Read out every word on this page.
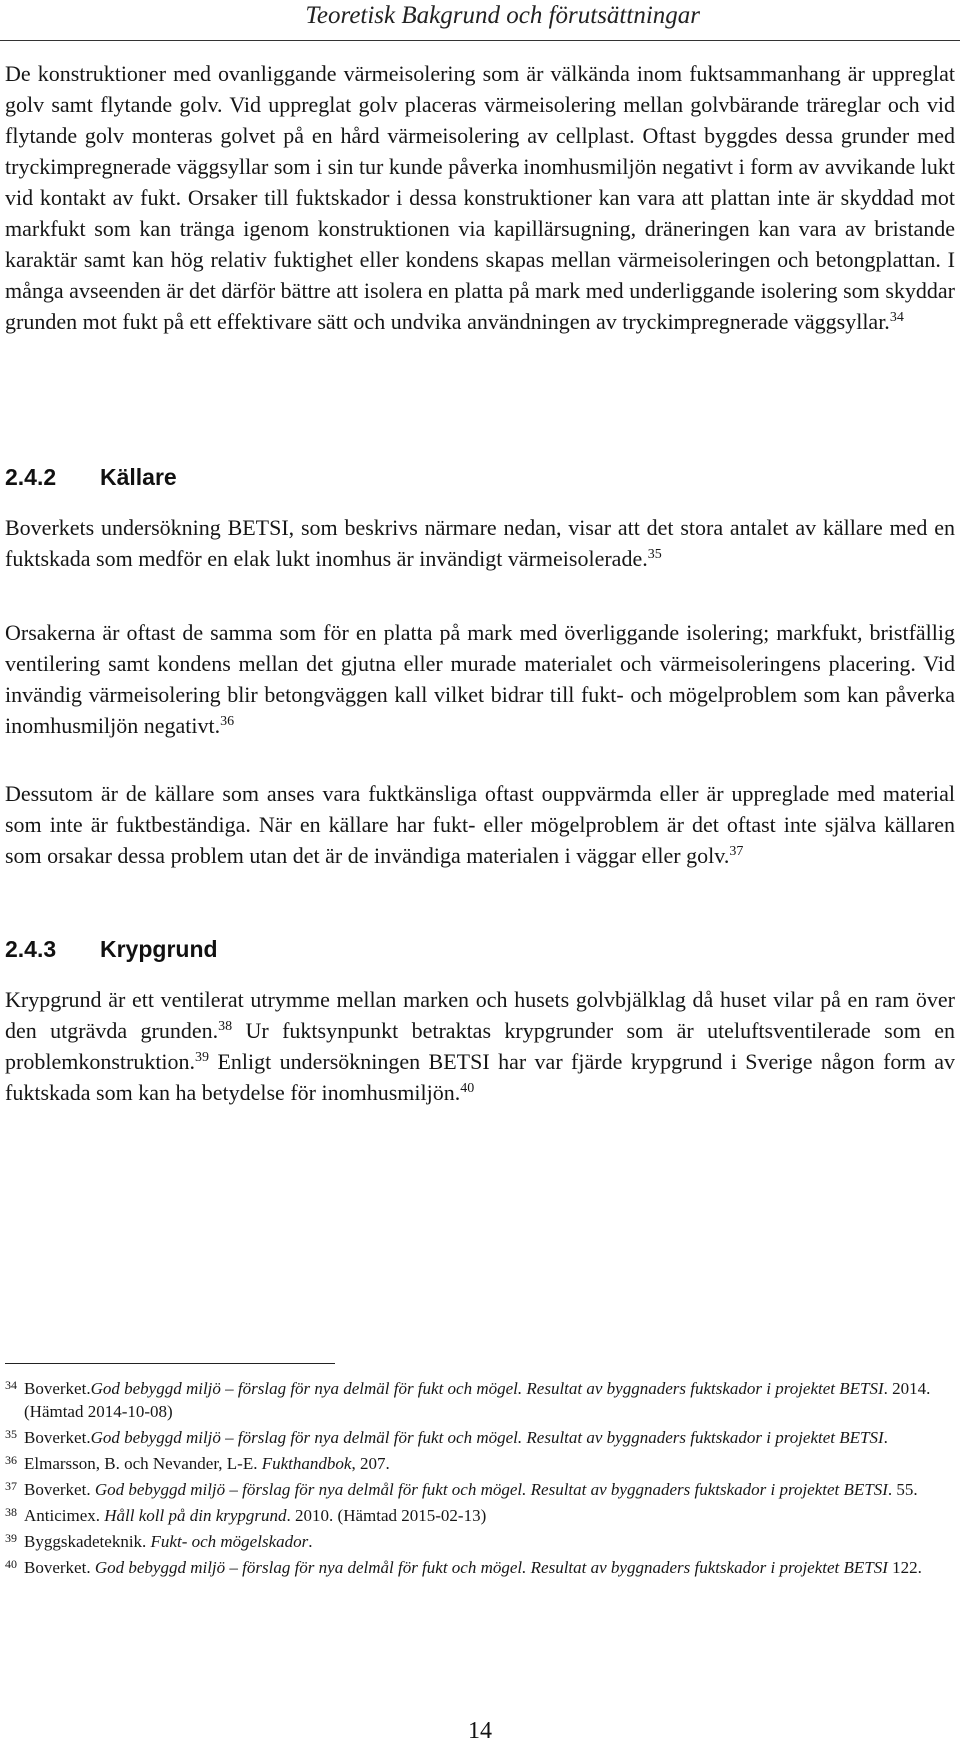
Teoretisk Bakgrund och förutsättningar

De konstruktioner med ovanliggande värmeisolering som är välkända inom fuktsammanhang är uppreglat golv samt flytande golv. Vid uppreglat golv placeras värmeisolering mellan golvbärande träreglar och vid flytande golv monteras golvet på en hård värmeisolering av cellplast. Oftast byggdes dessa grunder med tryckimpregnerade väggsyllar som i sin tur kunde påverka inomhusmiljön negativt i form av avvikande lukt vid kontakt av fukt. Orsaker till fuktskador i dessa konstruktioner kan vara att plattan inte är skyddad mot markfukt som kan tränga igenom konstruktionen via kapillärsugning, dräneringen kan vara av bristande karaktär samt kan hög relativ fuktighet eller kondens skapas mellan värmeisoleringen och betongplattan. I många avseenden är det därför bättre att isolera en platta på mark med underliggande isolering som skyddar grunden mot fukt på ett effektivare sätt och undvika användningen av tryckimpregnerade väggsyllar.$^{34}$

2.4.2 Källare

Boverkets undersökning BETSI, som beskrivs närmare nedan, visar att det stora antalet av källare med en fuktskada som medför en elak lukt inomhus är invändigt värmeisolerade.$^{35}$

Orsakerna är oftast de samma som för en platta på mark med överliggande isolering; markfukt, bristfällig ventilering samt kondens mellan det gjutna eller murade materialet och värmeisoleringens placering. Vid invändig värmeisolering blir betongväggen kall vilket bidrar till fukt- och mögelproblem som kan påverka inomhusmiljön negativt.$^{36}$

Dessutom är de källare som anses vara fuktkänsliga oftast ouppvärmda eller är uppreglade med material som inte är fuktbeständiga. När en källare har fukt- eller mögelproblem är det oftast inte själva källaren som orsakar dessa problem utan det är de invändiga materialen i väggar eller golv.$^{37}$

2.4.3 Krypgrund

Krypgrund är ett ventilerat utrymme mellan marken och husets golvbjälklag då huset vilar på en ram över den utgrävda grunden.$^{38}$ Ur fuktsynpunkt betraktas krypgrunder som är uteluftsventilerade som en problemkonstruktion.$^{39}$ Enligt undersökningen BETSI har var fjärde krypgrund i Sverige någon form av fuktskada som kan ha betydelse för inomhusmiljön.$^{40}$

34 Boverket.God bebyggd miljö – förslag för nya delmäl för fukt och mögel. Resultat av byggnaders fuktskador i projektet BETSI. 2014. (Hämtad 2014-10-08)

35 Boverket.God bebyggd miljö – förslag för nya delmäl för fukt och mögel. Resultat av byggnaders fuktskador i projektet BETSI.

36 Elmarsson, B. och Nevander, L-E. Fukthandbok, 207.

37 Boverket. God bebyggd miljö – förslag för nya delmål för fukt och mögel. Resultat av byggnaders fuktskador i projektet BETSI. 55.

38 Anticimex. Håll koll på din krypgrund. 2010. (Hämtad 2015-02-13)

39 Byggskadeteknik. Fukt- och mögelskador.

40 Boverket. God bebyggd miljö – förslag för nya delmål för fukt och mögel. Resultat av byggnaders fuktskador i projektet BETSI 122.

14
